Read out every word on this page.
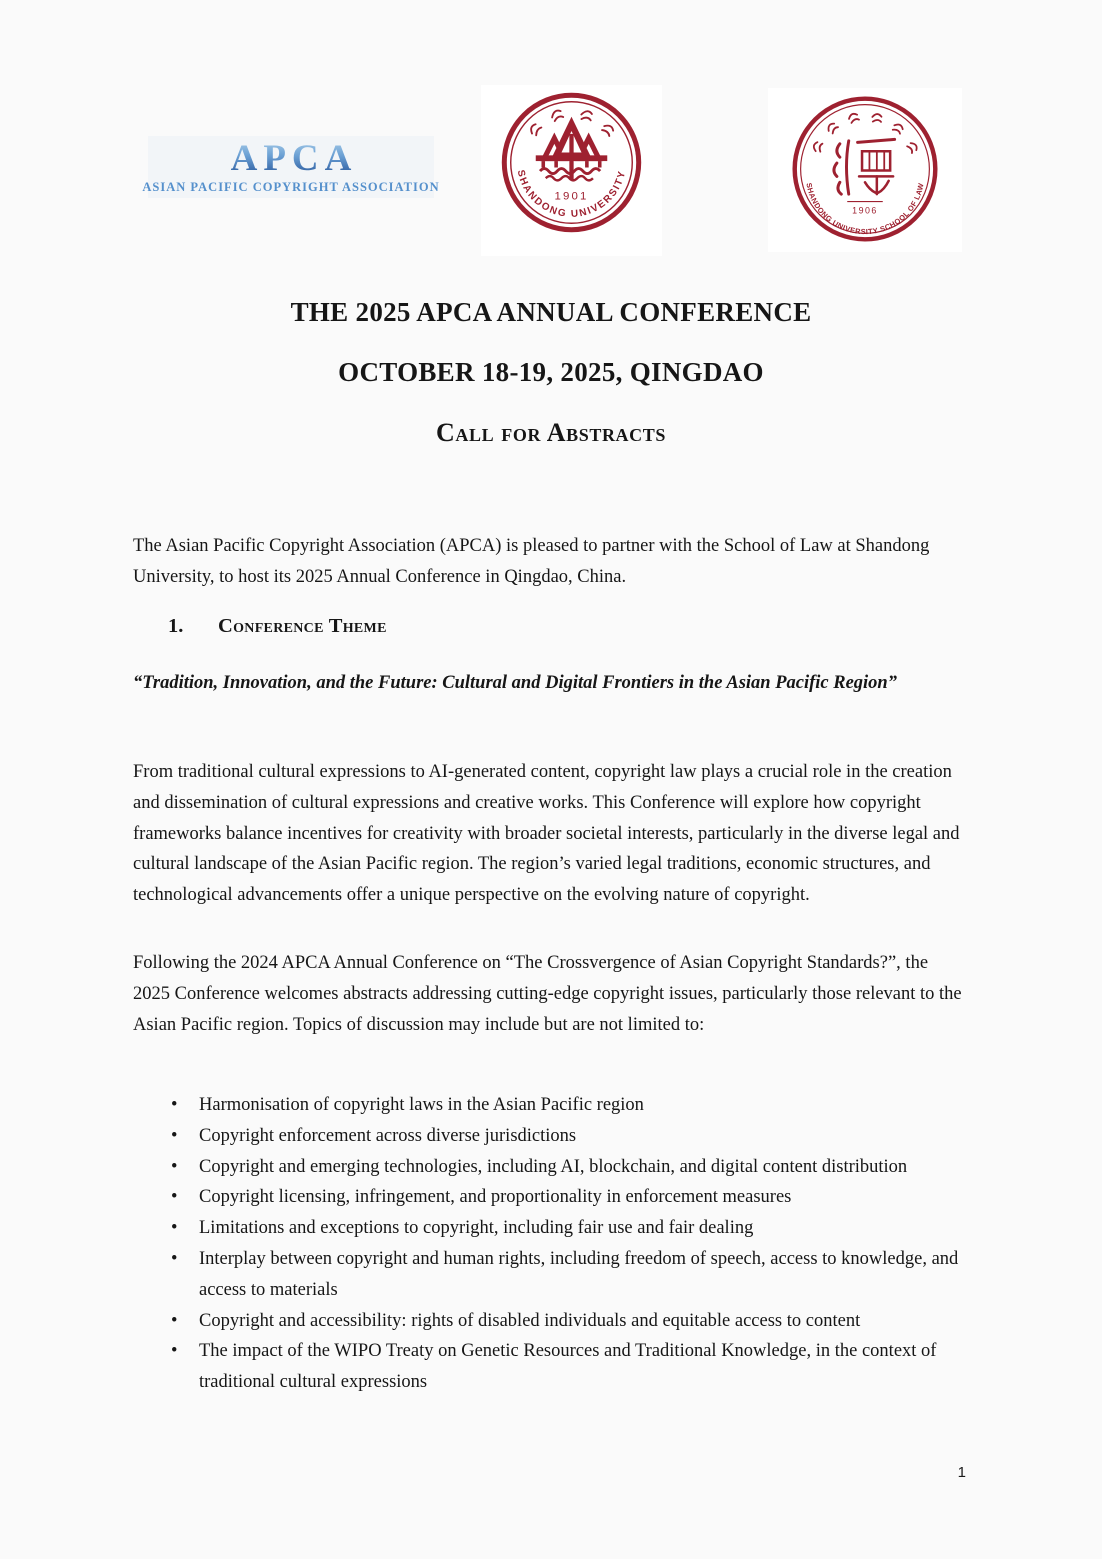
APCA
ASIAN PACIFIC COPYRIGHT ASSOCIATION
1901
SHANDONG UNIVERSITY
1906
SHANDONG UNIVERSITY SCHOOL OF LAW
THE 2025 APCA ANNUAL CONFERENCE
OCTOBER 18-19, 2025, QINGDAO
Call for Abstracts

The Asian Pacific Copyright Association (APCA) is pleased to partner with the School of Law at Shandong University, to host its 2025 Annual Conference in Qingdao, China.

1. Conference Theme

“Tradition, Innovation, and the Future: Cultural and Digital Frontiers in the Asian Pacific Region”

From traditional cultural expressions to AI-generated content, copyright law plays a crucial role in the creation and dissemination of cultural expressions and creative works. This Conference will explore how copyright frameworks balance incentives for creativity with broader societal interests, particularly in the diverse legal and cultural landscape of the Asian Pacific region. The region’s varied legal traditions, economic structures, and technological advancements offer a unique perspective on the evolving nature of copyright.

Following the 2024 APCA Annual Conference on “The Crossvergence of Asian Copyright Standards?”, the 2025 Conference welcomes abstracts addressing cutting-edge copyright issues, particularly those relevant to the Asian Pacific region. Topics of discussion may include but are not limited to:

• Harmonisation of copyright laws in the Asian Pacific region
• Copyright enforcement across diverse jurisdictions
• Copyright and emerging technologies, including AI, blockchain, and digital content distribution
• Copyright licensing, infringement, and proportionality in enforcement measures
• Limitations and exceptions to copyright, including fair use and fair dealing
• Interplay between copyright and human rights, including freedom of speech, access to knowledge, and access to materials
• Copyright and accessibility: rights of disabled individuals and equitable access to content
• The impact of the WIPO Treaty on Genetic Resources and Traditional Knowledge, in the context of traditional cultural expressions
1
